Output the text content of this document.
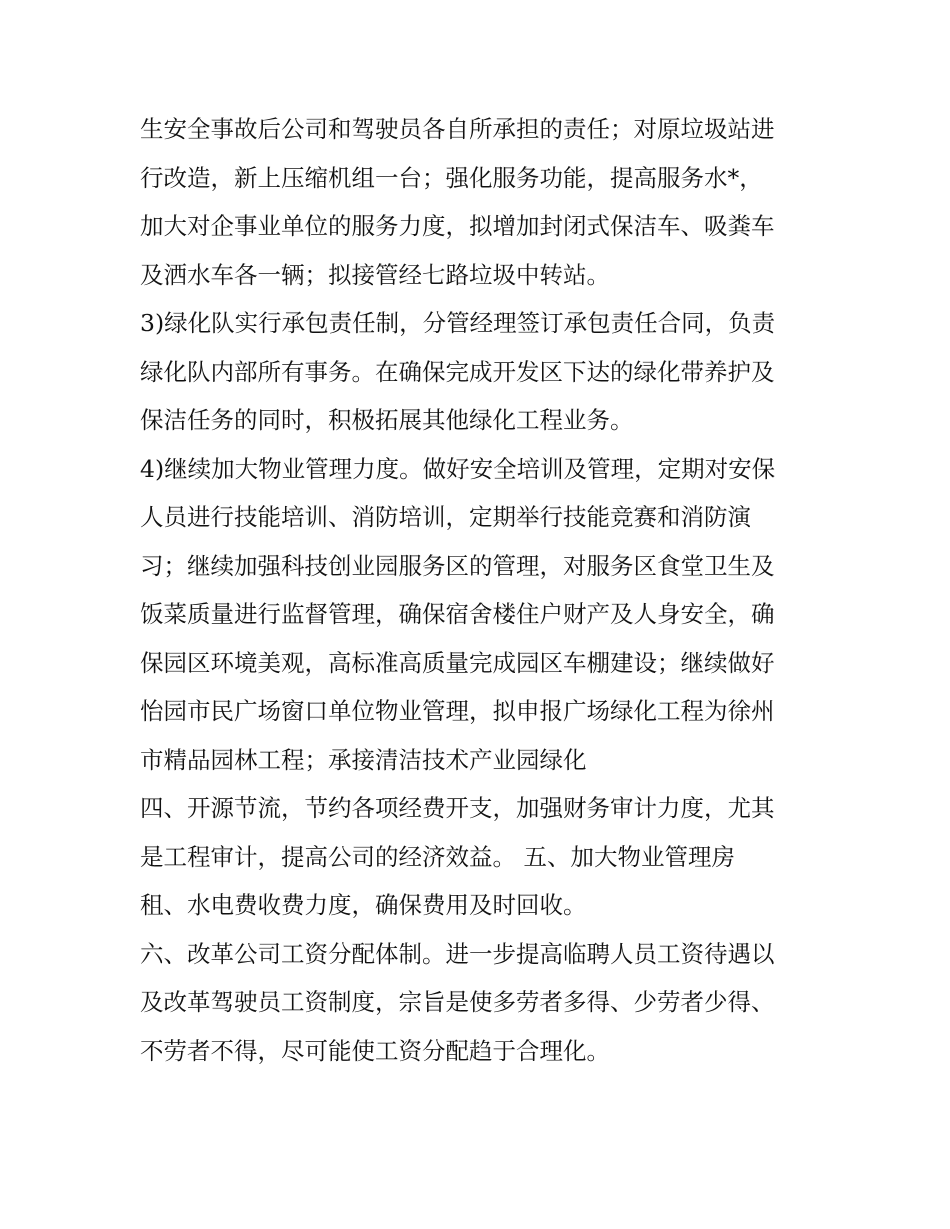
生安全事故后公司和驾驶员各自所承担的责任；对原垃圾站进
行改造，新上压缩机组一台；强化服务功能，提高服务水*，
加大对企事业单位的服务力度，拟增加封闭式保洁车、吸粪车
及洒水车各一辆；拟接管经七路垃圾中转站。
3)绿化队实行承包责任制，分管经理签订承包责任合同，负责
绿化队内部所有事务。在确保完成开发区下达的绿化带养护及
保洁任务的同时，积极拓展其他绿化工程业务。
4)继续加大物业管理力度。做好安全培训及管理，定期对安保
人员进行技能培训、消防培训，定期举行技能竞赛和消防演
习；继续加强科技创业园服务区的管理，对服务区食堂卫生及
饭菜质量进行监督管理，确保宿舍楼住户财产及人身安全，确
保园区环境美观，高标准高质量完成园区车棚建设；继续做好
怡园市民广场窗口单位物业管理，拟申报广场绿化工程为徐州
市精品园林工程；承接清洁技术产业园绿化
四、开源节流，节约各项经费开支，加强财务审计力度，尤其
是工程审计，提高公司的经济效益。 五、加大物业管理房
租、水电费收费力度，确保费用及时回收。
六、改革公司工资分配体制。进一步提高临聘人员工资待遇以
及改革驾驶员工资制度，宗旨是使多劳者多得、少劳者少得、
不劳者不得，尽可能使工资分配趋于合理化。
